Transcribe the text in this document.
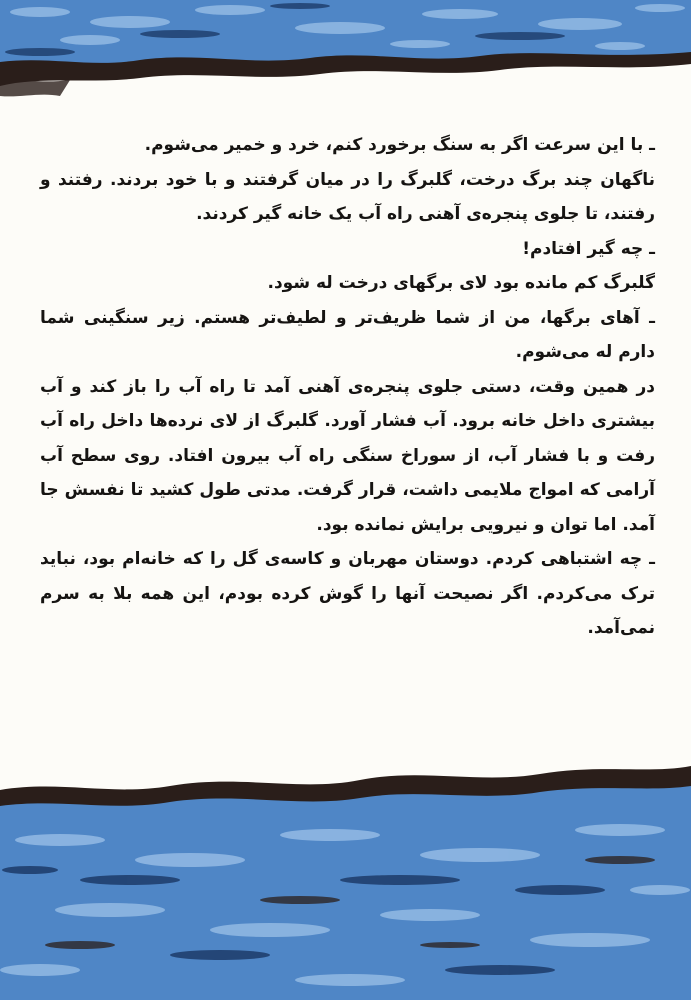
ـ با این سرعت اگر به سنگ برخورد کنم، خرد و خمیر می‌شوم.

ناگهان چند برگ درخت، گلبرگ را در میان گرفتند و با خود بردند. رفتند و رفتند، تا جلوی پنجره‌ی آهنی راه آب یک خانه گیر کردند.

ـ چه گیر افتادم!

گلبرگ کم مانده بود لای برگهای درخت له شود.

ـ آهای برگها، من از شما ظریف‌تر و لطیف‌تر هستم. زیر سنگینی شما دارم له می‌شوم.

در همین وقت، دستی جلوی پنجره‌ی آهنی آمد تا راه آب را باز کند و آب بیشتری داخل خانه برود. آب فشار آورد. گلبرگ از لای نرده‌ها داخل راه آب رفت و با فشار آب، از سوراخ سنگی راه آب بیرون افتاد. روی سطح آب آرامی که امواج ملایمی داشت، قرار گرفت. مدتی طول کشید تا نفسش جا آمد. اما توان و نیرویی برایش نمانده بود.

ـ چه اشتباهی کردم. دوستان مهربان و کاسه‌ی گل را که خانه‌ام بود، نباید ترک می‌کردم. اگر نصیحت آنها را گوش کرده بودم، این همه بلا به سرم نمی‌آمد.
